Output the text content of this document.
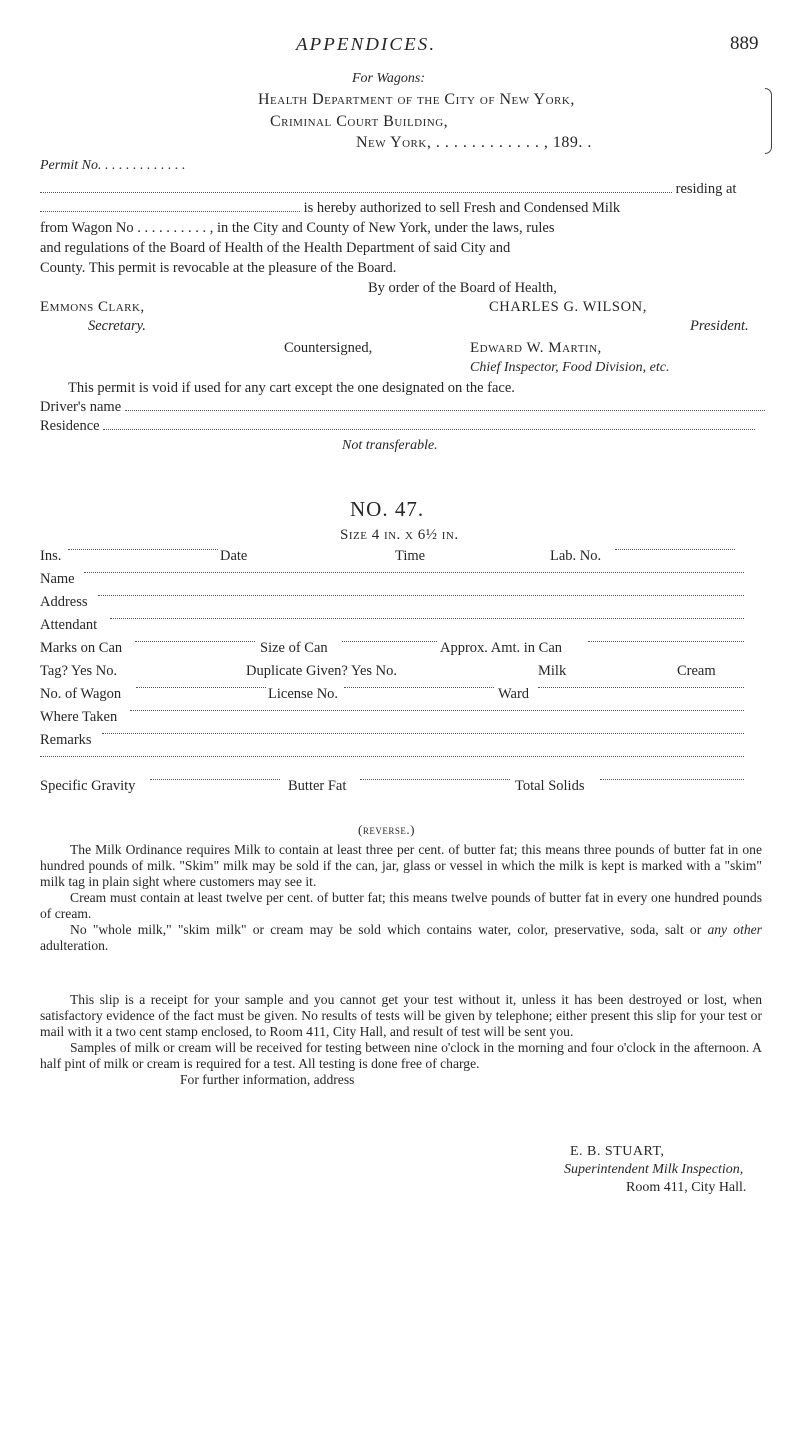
APPENDICES.	889
For Wagons:
Health Department of the City of New York,
Criminal Court Building,
New York, . . . . . . . . . . . . , 189. .
Permit No. . . . . . . . . . . . .
residing at
is hereby authorized to sell Fresh and Condensed Milk
from Wagon No . . . . . . . . . . , in the City and County of New York, under the laws, rules
and regulations of the Board of Health of the Health Department of said City and
County. This permit is revocable at the pleasure of the Board.
By order of the Board of Health,
Emmons Clark,	CHARLES G. WILSON,
Secretary.	President.
Countersigned,	Edward W. Martin,
Chief Inspector, Food Division, etc.
This permit is void if used for any cart except the one designated on the face.
Driver's name
Residence
Not transferable.
NO. 47.
Size 4 in. x 6½ in.
Ins.	Date	Time	Lab. No.
Name
Address
Attendant
Marks on Can	Size of Can	Approx. Amt. in Can
Tag? Yes No.	Duplicate Given? Yes No.	Milk	Cream
No. of Wagon	License No.	Ward
Where Taken
Remarks
Specific Gravity	Butter Fat	Total Solids
(reverse.)

The Milk Ordinance requires Milk to contain at least three per cent. of butter fat; this means three pounds of butter fat in one hundred pounds of milk. "Skim" milk may be sold if the can, jar, glass or vessel in which the milk is kept is marked with a "skim" milk tag in plain sight where customers may see it.

Cream must contain at least twelve per cent. of butter fat; this means twelve pounds of butter fat in every one hundred pounds of cream.

No "whole milk," "skim milk" or cream may be sold which contains water, color, preservative, soda, salt or any other adulteration.

This slip is a receipt for your sample and you cannot get your test without it, unless it has been destroyed or lost, when satisfactory evidence of the fact must be given. No results of tests will be given by telephone; either present this slip for your test or mail with it a two cent stamp enclosed, to Room 411, City Hall, and result of test will be sent you.

Samples of milk or cream will be received for testing between nine o'clock in the morning and four o'clock in the afternoon. A half pint of milk or cream is required for a test. All testing is done free of charge.

For further information, address

E. B. STUART,
Superintendent Milk Inspection,
Room 411, City Hall.
